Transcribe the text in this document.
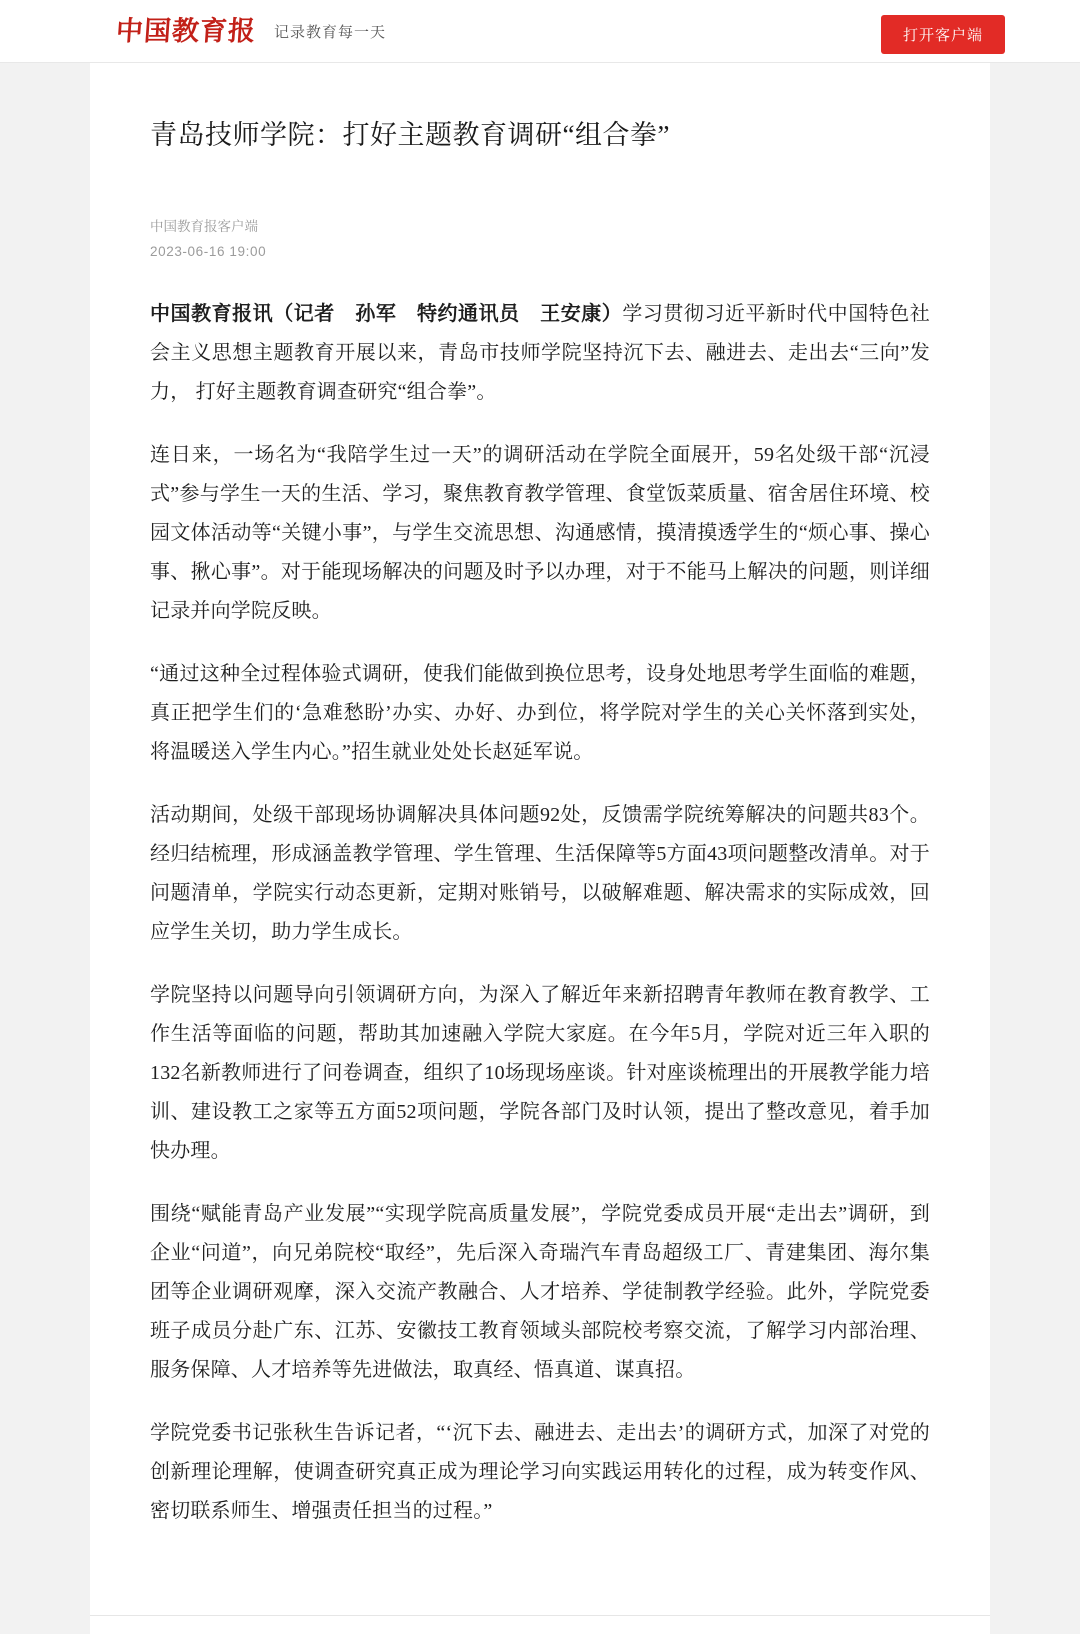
中国教育报 记录教育每一天	打开客户端
青岛技师学院：打好主题教育调研“组合拳”
中国教育报客户端
2023-06-16 19:00

中国教育报讯（记者　孙军　特约通讯员　王安康）学习贯彻习近平新时代中国特色社会主义思想主题教育开展以来，青岛市技师学院坚持沉下去、融进去、走出去“三向”发力， 打好主题教育调查研究“组合拳”。

连日来，一场名为“我陪学生过一天”的调研活动在学院全面展开，59名处级干部“沉浸式”参与学生一天的生活、学习，聚焦教育教学管理、食堂饭菜质量、宿舍居住环境、校园文体活动等“关键小事”，与学生交流思想、沟通感情，摸清摸透学生的“烦心事、操心事、揪心事”。对于能现场解决的问题及时予以办理，对于不能马上解决的问题，则详细记录并向学院反映。

“通过这种全过程体验式调研，使我们能做到换位思考，设身处地思考学生面临的难题，真正把学生们的‘急难愁盼’办实、办好、办到位，将学院对学生的关心关怀落到实处，将温暖送入学生内心。”招生就业处处长赵延军说。

活动期间，处级干部现场协调解决具体问题92处，反馈需学院统筹解决的问题共83个。经归结梳理，形成涵盖教学管理、学生管理、生活保障等5方面43项问题整改清单。对于问题清单，学院实行动态更新，定期对账销号，以破解难题、解决需求的实际成效，回应学生关切，助力学生成长。

学院坚持以问题导向引领调研方向，为深入了解近年来新招聘青年教师在教育教学、工作生活等面临的问题，帮助其加速融入学院大家庭。在今年5月，学院对近三年入职的132名新教师进行了问卷调查，组织了10场现场座谈。针对座谈梳理出的开展教学能力培训、建设教工之家等五方面52项问题，学院各部门及时认领，提出了整改意见，着手加快办理。

围绕“赋能青岛产业发展”“实现学院高质量发展”，学院党委成员开展“走出去”调研，到企业“问道”，向兄弟院校“取经”，先后深入奇瑞汽车青岛超级工厂、青建集团、海尔集团等企业调研观摩，深入交流产教融合、人才培养、学徒制教学经验。此外，学院党委班子成员分赴广东、江苏、安徽技工教育领域头部院校考察交流，了解学习内部治理、服务保障、人才培养等先进做法，取真经、悟真道、谋真招。

学院党委书记张秋生告诉记者，“‘沉下去、融进去、走出去’的调研方式，加深了对党的创新理论理解，使调查研究真正成为理论学习向实践运用转化的过程，成为转变作风、密切联系师生、增强责任担当的过程。”
